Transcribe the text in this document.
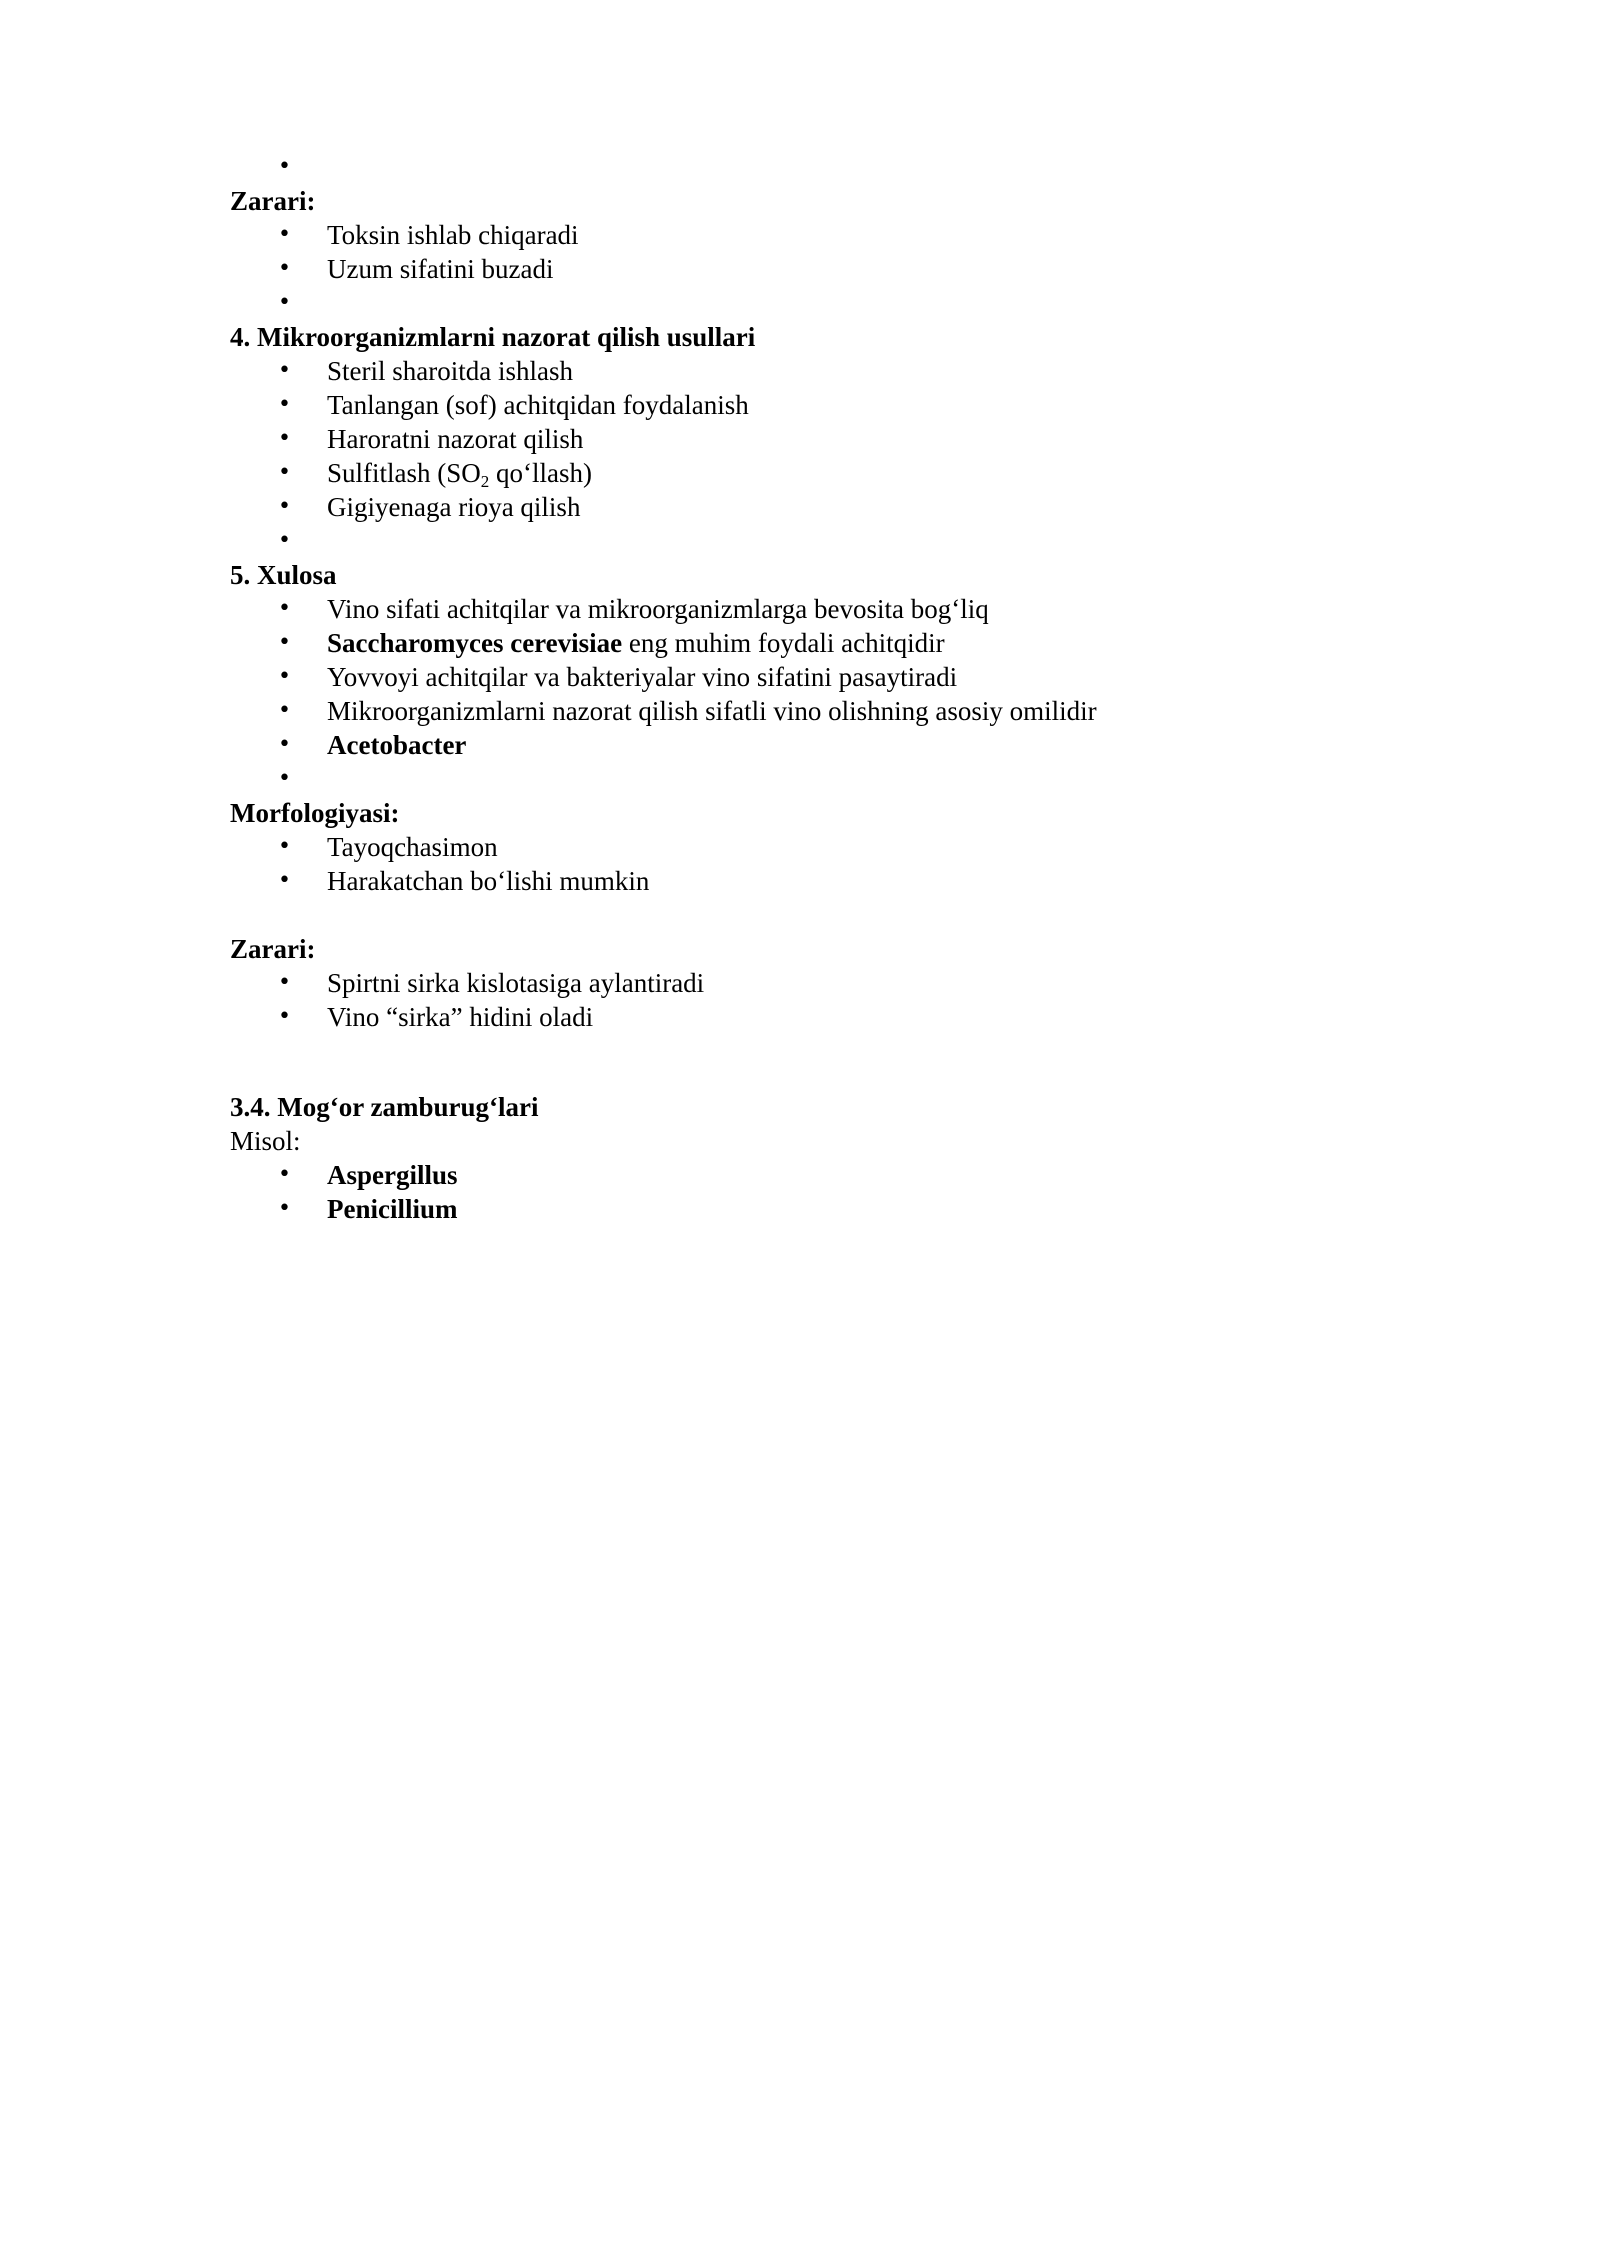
•

Zarari:

• Toksin ishlab chiqaradi
• Uzum sifatini buzadi
•

4. Mikroorganizmlarni nazorat qilish usullari

• Steril sharoitda ishlash
• Tanlangan (sof) achitqidan foydalanish
• Haroratni nazorat qilish
• Sulfitlash ($SO_2$ qo‘llash)
• Gigiyenaga rioya qilish
•

5. Xulosa

• Vino sifati achitqilar va mikroorganizmlarga bevosita bog‘liq
• Saccharomyces cerevisiae eng muhim foydali achitqidir
• Yovvoyi achitqilar va bakteriyalar vino sifatini pasaytiradi
• Mikroorganizmlarni nazorat qilish sifatli vino olishning asosiy omilidir
• Acetobacter
•

Morfologiyasi:

• Tayoqchasimon
• Harakatchan bo‘lishi mumkin

Zarari:

• Spirtni sirka kislotasiga aylantiradi
• Vino “sirka” hidini oladi

3.4. Mog‘or zamburug‘lari

Misol:

• Aspergillus
• Penicillium
